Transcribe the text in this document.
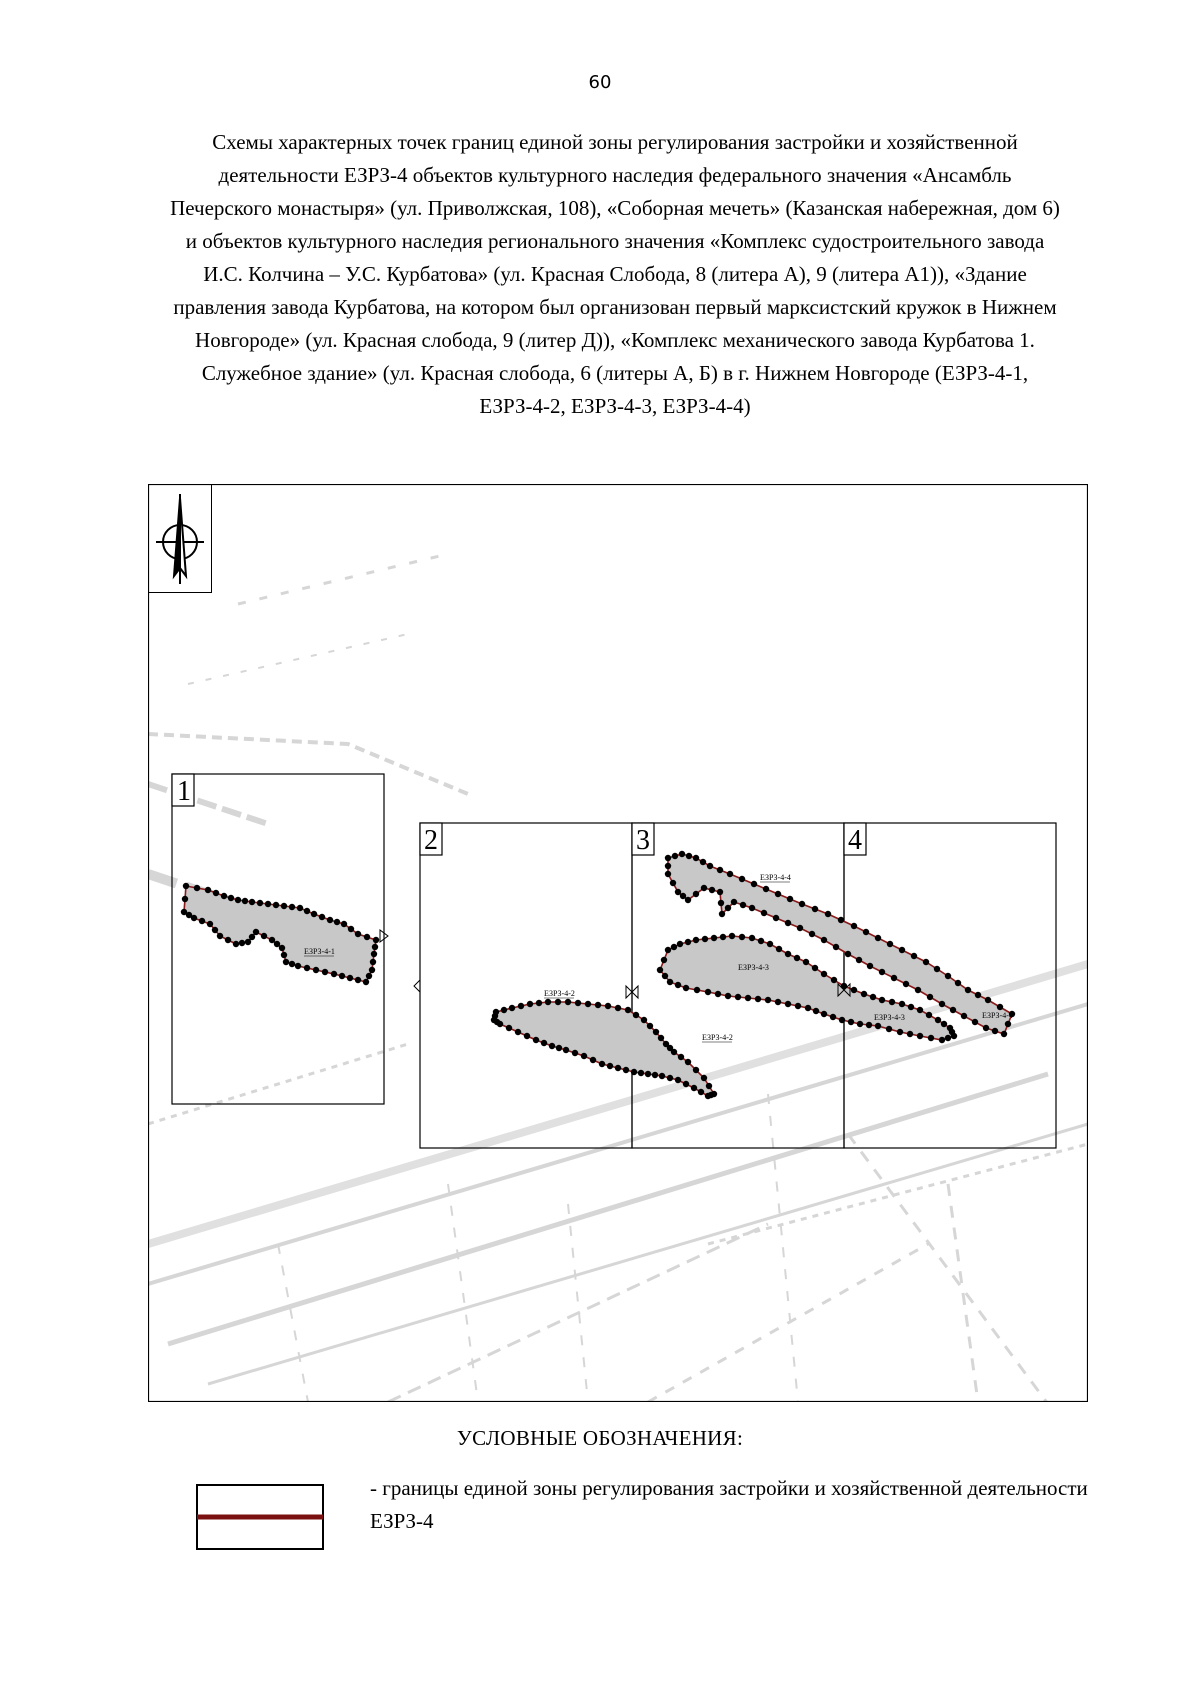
60
Схемы характерных точек границ единой зоны регулирования застройки и хозяйственной деятельности ЕЗРЗ-4 объектов культурного наследия федерального значения «Ансамбль Печерского монастыря» (ул. Приволжская, 108), «Соборная мечеть» (Казанская набережная, дом 6) и объектов культурного наследия регионального значения «Комплекс судостроительного завода И.С. Колчина – У.С. Курбатова» (ул. Красная Слобода, 8 (литера А), 9 (литера А1)), «Здание правления завода Курбатова, на котором был организован первый марксистский кружок в Нижнем Новгороде» (ул. Красная слобода, 9 (литер Д)), «Комплекс механического завода Курбатова 1. Служебное здание» (ул. Красная слобода, 6 (литеры А, Б) в г. Нижнем Новгороде (ЕЗРЗ-4-1, ЕЗРЗ-4-2, ЕЗРЗ-4-3, ЕЗРЗ-4-4)
1
2	3	4
ЕЗРЗ-4-1
ЕЗРЗ-4-2
ЕЗРЗ-4-2
ЕЗРЗ-4-3
ЕЗРЗ-4-3
ЕЗРЗ-4-4
ЕЗРЗ-4-4
УСЛОВНЫЕ ОБОЗНАЧЕНИЯ:
- границы единой зоны регулирования застройки и хозяйственной деятельности ЕЗРЗ-4
